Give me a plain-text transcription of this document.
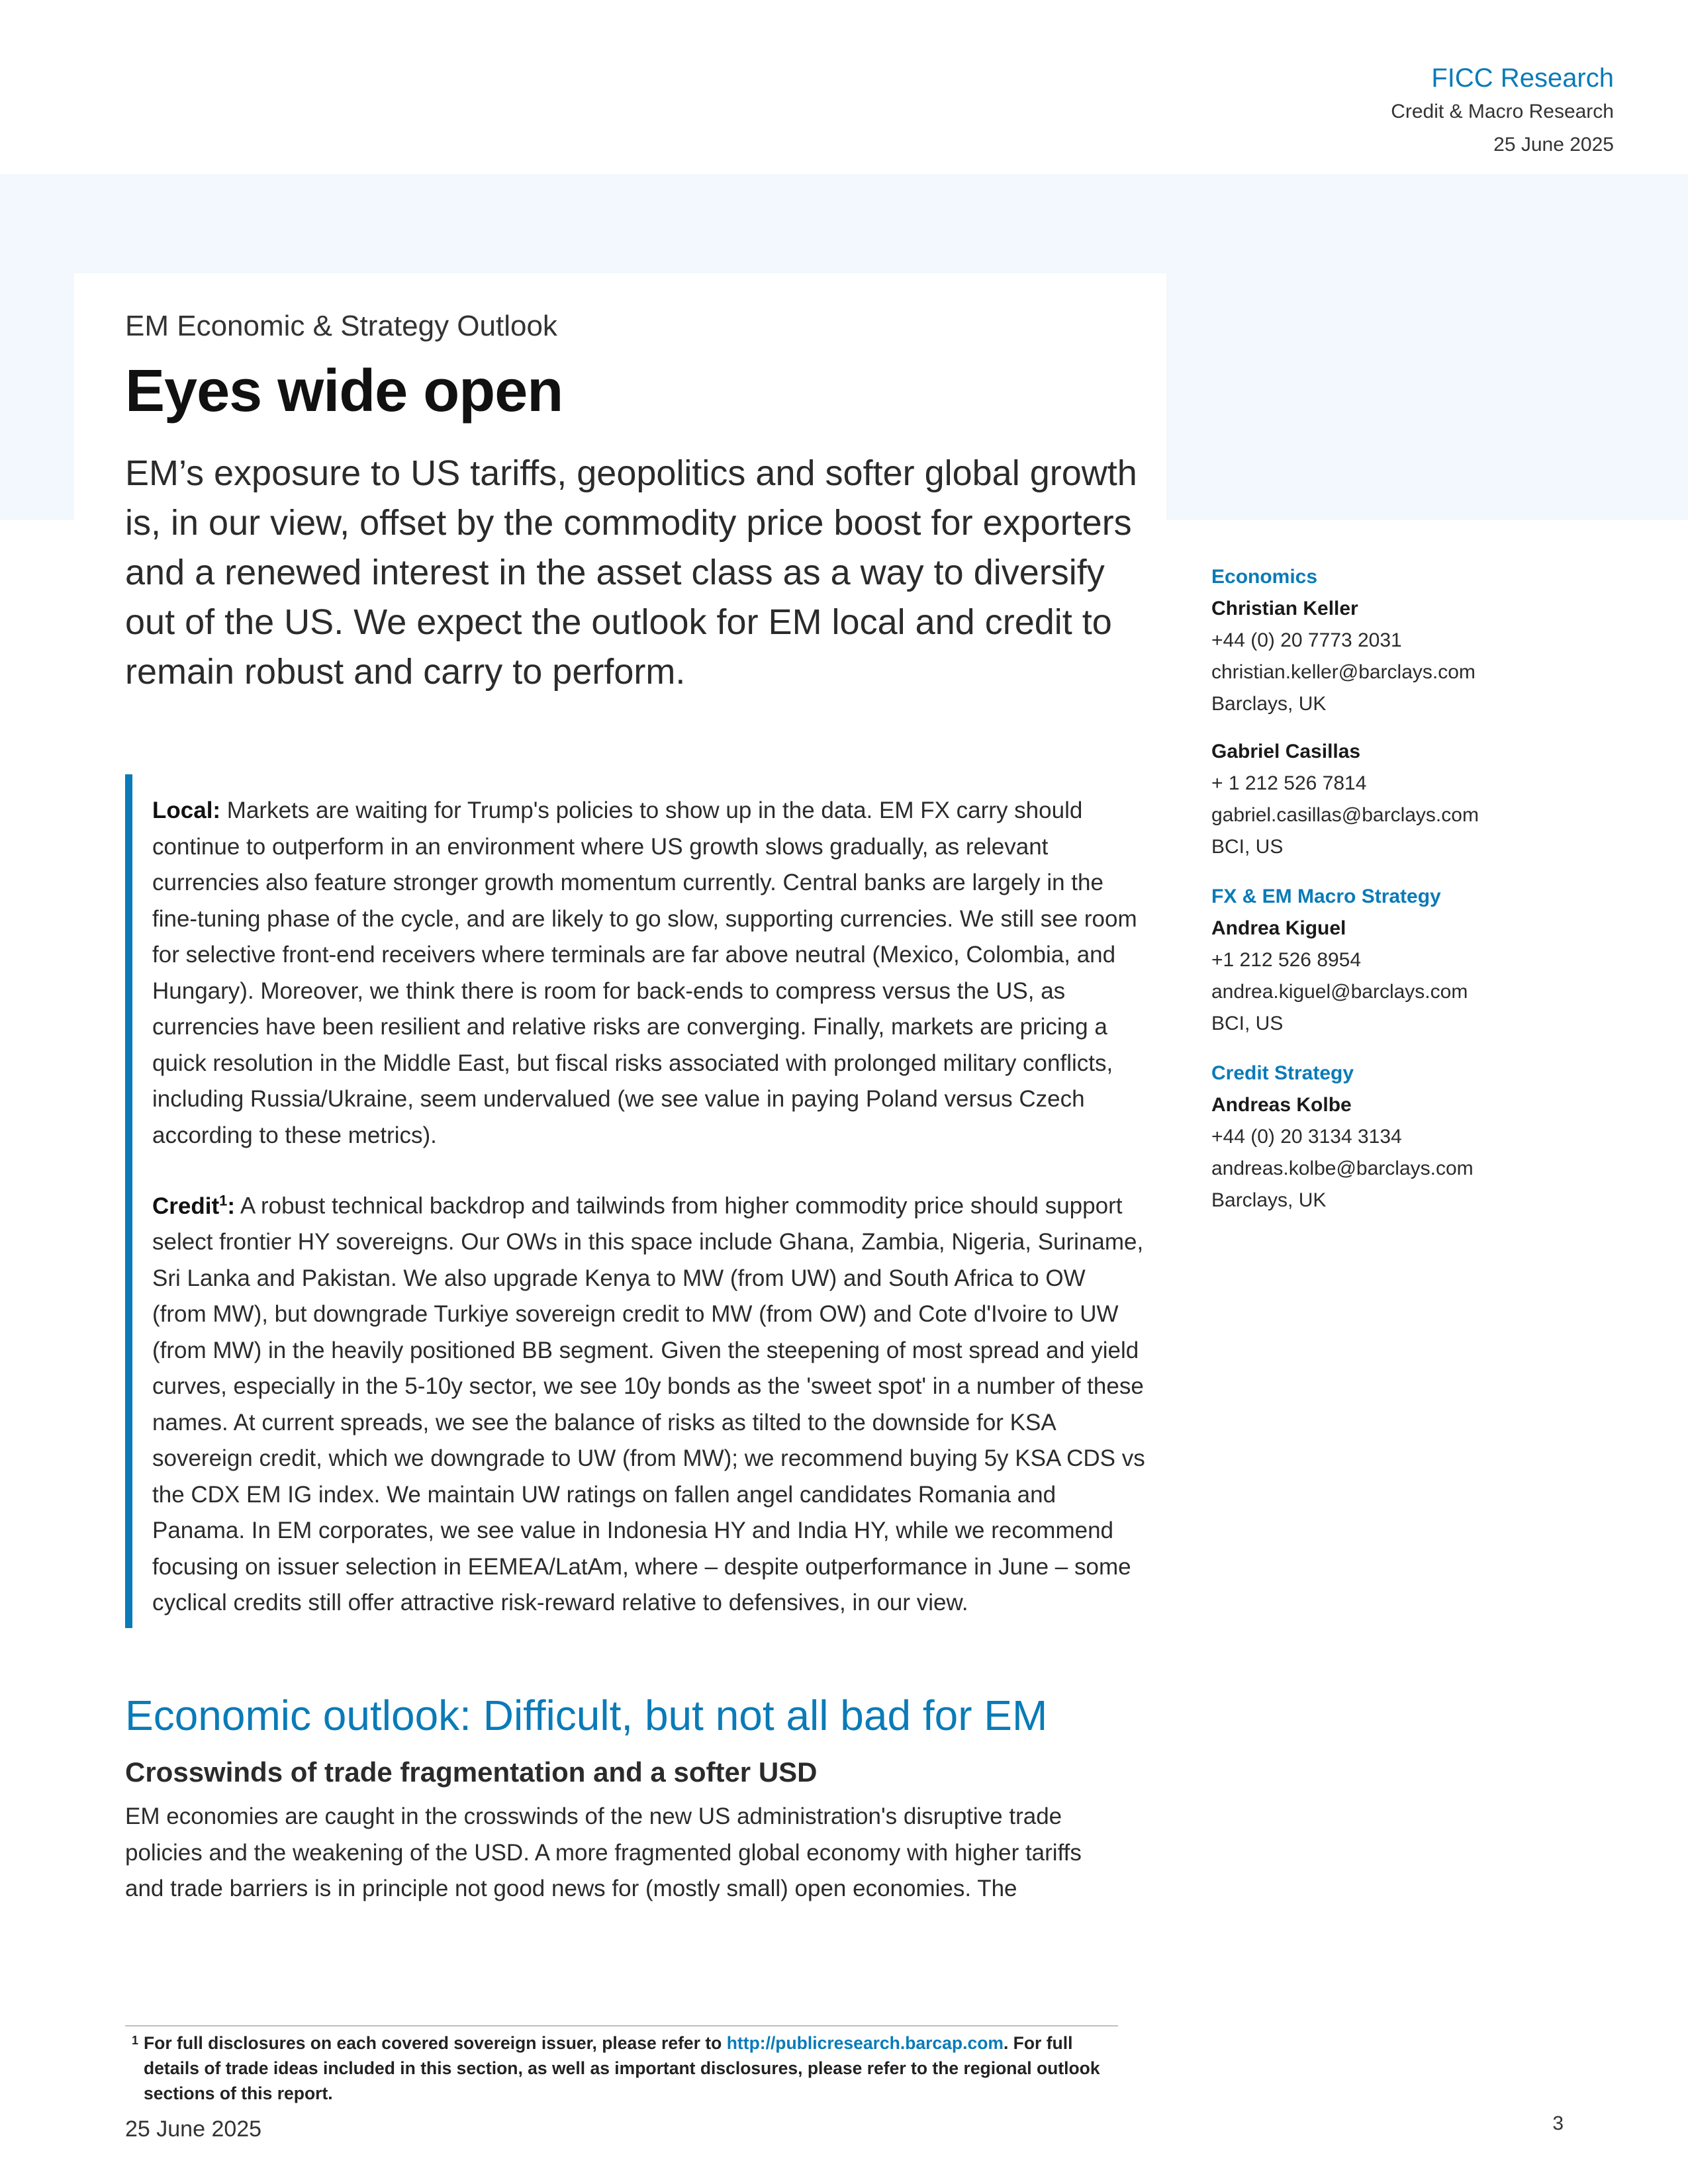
FICC Research
Credit & Macro Research
25 June 2025
EM Economic & Strategy Outlook
Eyes wide open
EM’s exposure to US tariffs, geopolitics and softer global growth is, in our view, offset by the commodity price boost for exporters and a renewed interest in the asset class as a way to diversify out of the US. We expect the outlook for EM local and credit to remain robust and carry to perform.

Local: Markets are waiting for Trump's policies to show up in the data. EM FX carry should continue to outperform in an environment where US growth slows gradually, as relevant currencies also feature stronger growth momentum currently. Central banks are largely in the fine-tuning phase of the cycle, and are likely to go slow, supporting currencies. We still see room for selective front-end receivers where terminals are far above neutral (Mexico, Colombia, and Hungary). Moreover, we think there is room for back-ends to compress versus the US, as currencies have been resilient and relative risks are converging. Finally, markets are pricing a quick resolution in the Middle East, but fiscal risks associated with prolonged military conflicts, including Russia/Ukraine, seem undervalued (we see value in paying Poland versus Czech according to these metrics).

Credit$^1$: A robust technical backdrop and tailwinds from higher commodity price should support select frontier HY sovereigns. Our OWs in this space include Ghana, Zambia, Nigeria, Suriname, Sri Lanka and Pakistan. We also upgrade Kenya to MW (from UW) and South Africa to OW (from MW), but downgrade Turkiye sovereign credit to MW (from OW) and Cote d'Ivoire to UW (from MW) in the heavily positioned BB segment. Given the steepening of most spread and yield curves, especially in the 5-10y sector, we see 10y bonds as the 'sweet spot' in a number of these names. At current spreads, we see the balance of risks as tilted to the downside for KSA sovereign credit, which we downgrade to UW (from MW); we recommend buying 5y KSA CDS vs the CDX EM IG index. We maintain UW ratings on fallen angel candidates Romania and Panama. In EM corporates, we see value in Indonesia HY and India HY, while we recommend focusing on issuer selection in EEMEA/LatAm, where – despite outperformance in June – some cyclical credits still offer attractive risk-reward relative to defensives, in our view.

Economic outlook: Difficult, but not all bad for EM
Crosswinds of trade fragmentation and a softer USD
EM economies are caught in the crosswinds of the new US administration's disruptive trade policies and the weakening of the USD. A more fragmented global economy with higher tariffs and trade barriers is in principle not good news for (mostly small) open economies. The
Economics
Christian Keller
+44 (0) 20 7773 2031
christian.keller@barclays.com
Barclays, UK
Gabriel Casillas
+ 1 212 526 7814
gabriel.casillas@barclays.com
BCI, US
FX & EM Macro Strategy
Andrea Kiguel
+1 212 526 8954
andrea.kiguel@barclays.com
BCI, US
Credit Strategy
Andreas Kolbe
+44 (0) 20 3134 3134
andreas.kolbe@barclays.com
Barclays, UK
1 For full disclosures on each covered sovereign issuer, please refer to http://publicresearch.barcap.com. For full details of trade ideas included in this section, as well as important disclosures, please refer to the regional outlook sections of this report.
25 June 2025	3
